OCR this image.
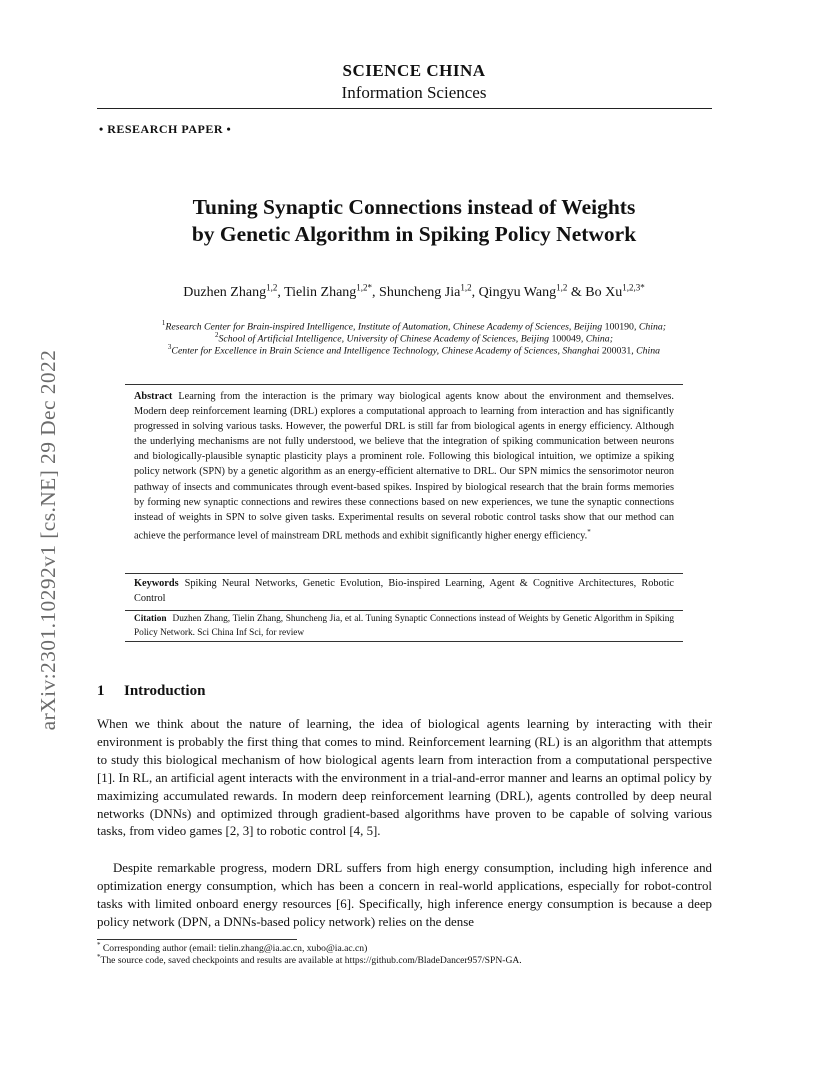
arXiv:2301.10292v1 [cs.NE] 29 Dec 2022
SCIENCE CHINA
Information Sciences
• RESEARCH PAPER •
Tuning Synaptic Connections instead of Weights
by Genetic Algorithm in Spiking Policy Network
Duzhen Zhang$^{1,2}$, Tielin Zhang$^{1,2*}$, Shuncheng Jia$^{1,2}$, Qingyu Wang$^{1,2}$ & Bo $Xu^{1,2,3*}$
$^1$Research Center for Brain-inspired Intelligence, Institute of Automation, Chinese Academy of Sciences, Beijing 100190, China;
$^2$School of Artificial Intelligence, University of Chinese Academy of Sciences, Beijing 100049, China;
$^3$Center for Excellence in Brain Science and Intelligence Technology, Chinese Academy of Sciences, Shanghai 200031, China
Abstract Learning from the interaction is the primary way biological agents know about the environment and themselves. Modern deep reinforcement learning (DRL) explores a computational approach to learning from interaction and has significantly progressed in solving various tasks. However, the powerful DRL is still far from biological agents in energy efficiency. Although the underlying mechanisms are not fully understood, we believe that the integration of spiking communication between neurons and biologically-plausible synaptic plasticity plays a prominent role. Following this biological intuition, we optimize a spiking policy network (SPN) by a genetic algorithm as an energy-efficient alternative to DRL. Our SPN mimics the sensorimotor neuron pathway of insects and communicates through event-based spikes. Inspired by biological research that the brain forms memories by forming new synaptic connections and rewires these connections based on new experiences, we tune the synaptic connections instead of weights in SPN to solve given tasks. Experimental results on several robotic control tasks show that our method can achieve the performance level of mainstream DRL methods and exhibit significantly higher energy efficiency.*
Keywords Spiking Neural Networks, Genetic Evolution, Bio-inspired Learning, Agent & Cognitive Architectures, Robotic Control
Citation Duzhen Zhang, Tielin Zhang, Shuncheng Jia, et al. Tuning Synaptic Connections instead of Weights by Genetic Algorithm in Spiking Policy Network. Sci China Inf Sci, for review
1 Introduction
When we think about the nature of learning, the idea of biological agents learning by interacting with their environment is probably the first thing that comes to mind. Reinforcement learning (RL) is an algorithm that attempts to study this biological mechanism of how biological agents learn from interaction from a computational perspective [1]. In RL, an artificial agent interacts with the environment in a trial-and-error manner and learns an optimal policy by maximizing accumulated rewards. In modern deep reinforcement learning (DRL), agents controlled by deep neural networks (DNNs) and optimized through gradient-based algorithms have proven to be capable of solving various tasks, from video games [2, 3] to robotic control [4, 5].
Despite remarkable progress, modern DRL suffers from high energy consumption, including high inference and optimization energy consumption, which has been a concern in real-world applications, especially for robot-control tasks with limited onboard energy resources [6]. Specifically, high inference energy consumption is because a deep policy network (DPN, a DNNs-based policy network) relies on the dense
* Corresponding author (email: tielin.zhang@ia.ac.cn, xubo@ia.ac.cn)
*The source code, saved checkpoints and results are available at https://github.com/BladeDancer957/SPN-GA.
